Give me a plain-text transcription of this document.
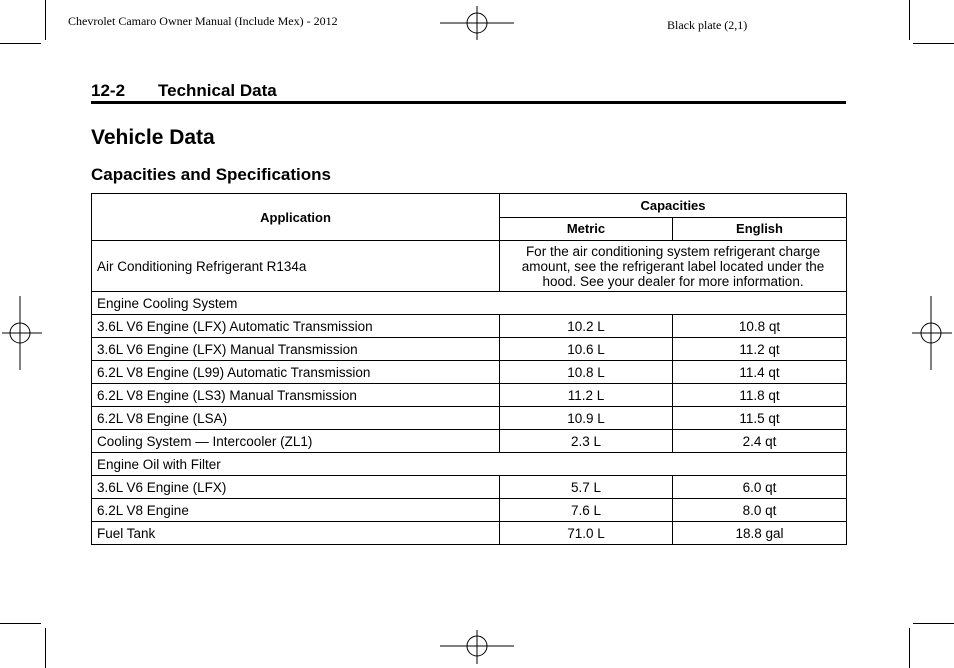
Chevrolet Camaro Owner Manual (Include Mex) - 2012	Black plate (2,1)
12-2 Technical Data
Vehicle Data
Capacities and Specifications
Application	Capacities	
	Metric	English
Air Conditioning Refrigerant R134a	For the air conditioning system refrigerant charge amount, see the refrigerant label located under the hood. See your dealer for more information.	
Engine Cooling System		
3.6L V6 Engine (LFX) Automatic Transmission	10.2 L	10.8 qt
3.6L V6 Engine (LFX) Manual Transmission	10.6 L	11.2 qt
6.2L V8 Engine (L99) Automatic Transmission	10.8 L	11.4 qt
6.2L V8 Engine (LS3) Manual Transmission	11.2 L	11.8 qt
6.2L V8 Engine (LSA)	10.9 L	11.5 qt
Cooling System — Intercooler (ZL1)	2.3 L	2.4 qt
Engine Oil with Filter		
3.6L V6 Engine (LFX)	5.7 L	6.0 qt
6.2L V8 Engine	7.6 L	8.0 qt
Fuel Tank	71.0 L	18.8 gal
